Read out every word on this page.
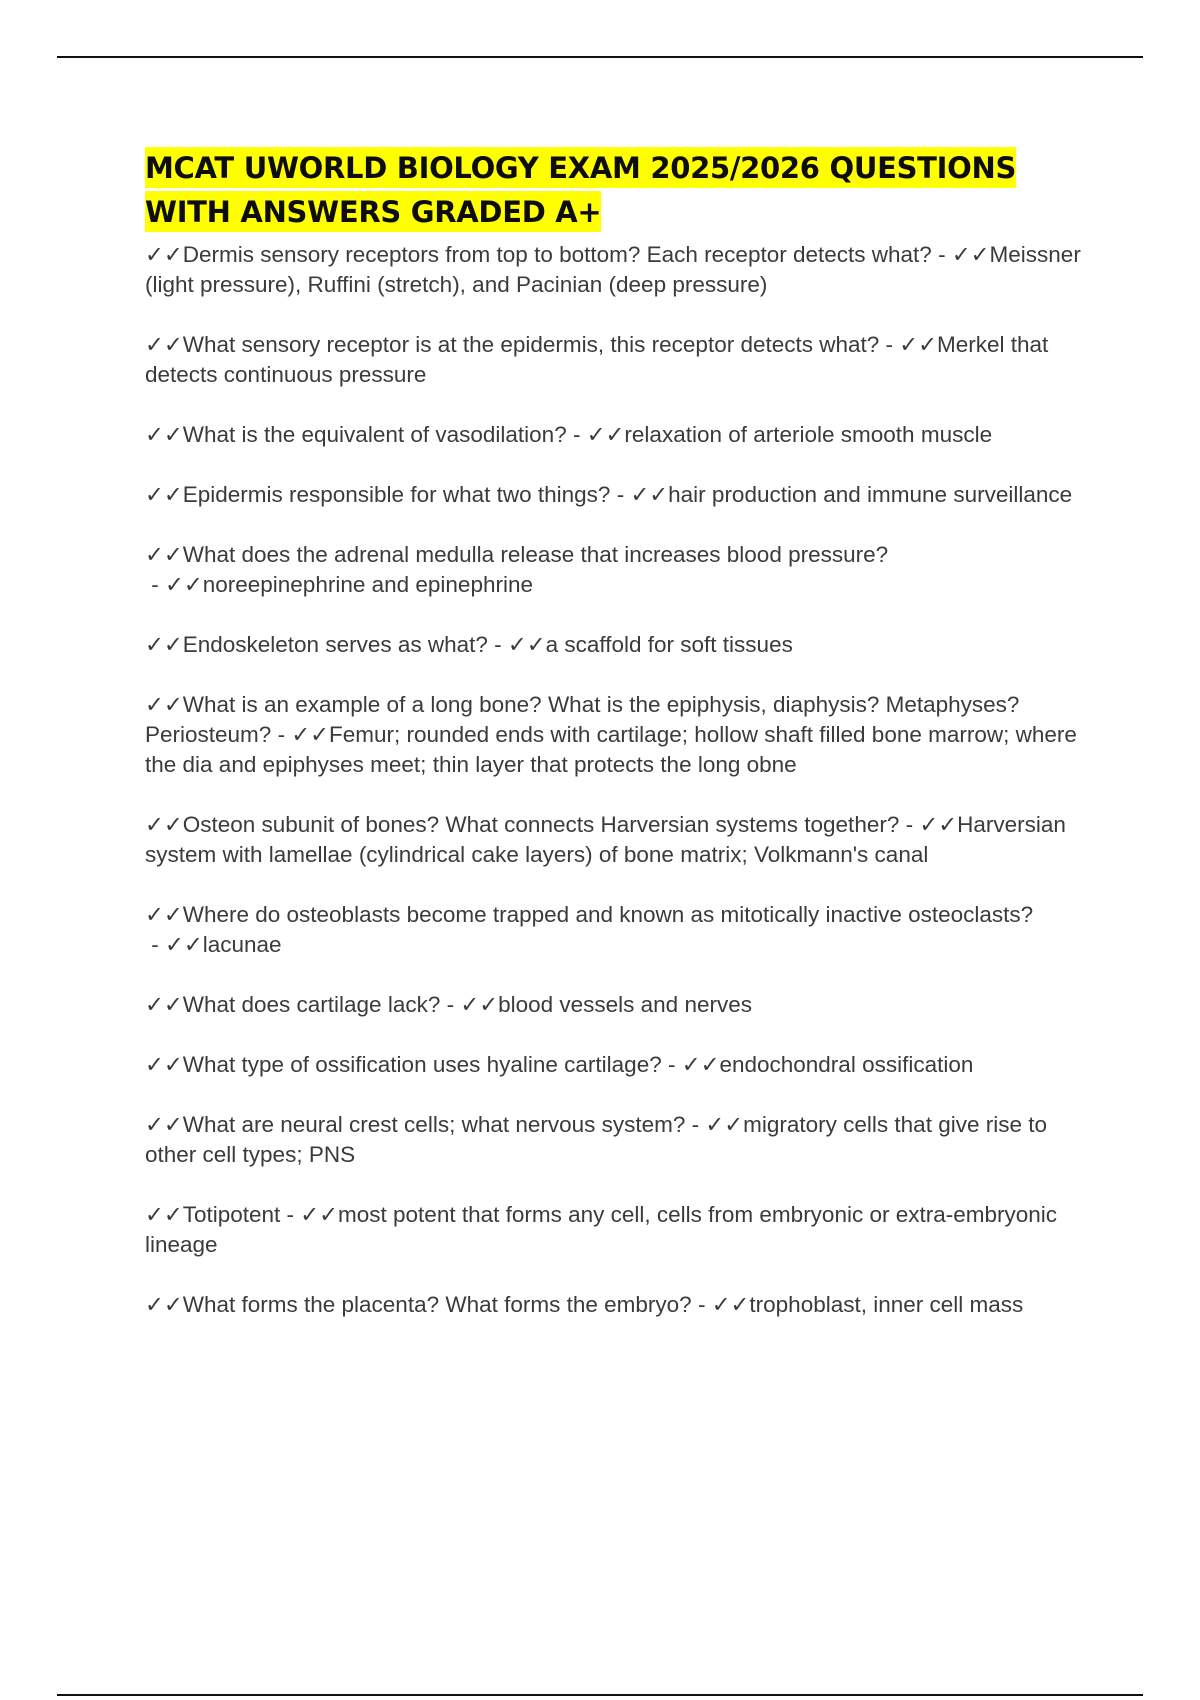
MCAT UWORLD BIOLOGY EXAM 2025/2026 QUESTIONS WITH ANSWERS GRADED A+

✓✓Dermis sensory receptors from top to bottom? Each receptor detects what? - ✓✓Meissner (light pressure), Ruffini (stretch), and Pacinian (deep pressure)

✓✓What sensory receptor is at the epidermis, this receptor detects what? - ✓✓Merkel that detects continuous pressure

✓✓What is the equivalent of vasodilation? - ✓✓relaxation of arteriole smooth muscle

✓✓Epidermis responsible for what two things? - ✓✓hair production and immune surveillance

✓✓What does the adrenal medulla release that increases blood pressure? - ✓✓noreepinephrine and epinephrine

✓✓Endoskeleton serves as what? - ✓✓a scaffold for soft tissues

✓✓What is an example of a long bone? What is the epiphysis, diaphysis? Metaphyses? Periosteum? - ✓✓Femur; rounded ends with cartilage; hollow shaft filled bone marrow; where the dia and epiphyses meet; thin layer that protects the long obne

✓✓Osteon subunit of bones? What connects Harversian systems together? - ✓✓Harversian system with lamellae (cylindrical cake layers) of bone matrix; Volkmann's canal

✓✓Where do osteoblasts become trapped and known as mitotically inactive osteoclasts? - ✓✓lacunae

✓✓What does cartilage lack? - ✓✓blood vessels and nerves

✓✓What type of ossification uses hyaline cartilage? - ✓✓endochondral ossification

✓✓What are neural crest cells; what nervous system? - ✓✓migratory cells that give rise to other cell types; PNS

✓✓Totipotent - ✓✓most potent that forms any cell, cells from embryonic or extra-embryonic lineage

✓✓What forms the placenta? What forms the embryo? - ✓✓trophoblast, inner cell mass
